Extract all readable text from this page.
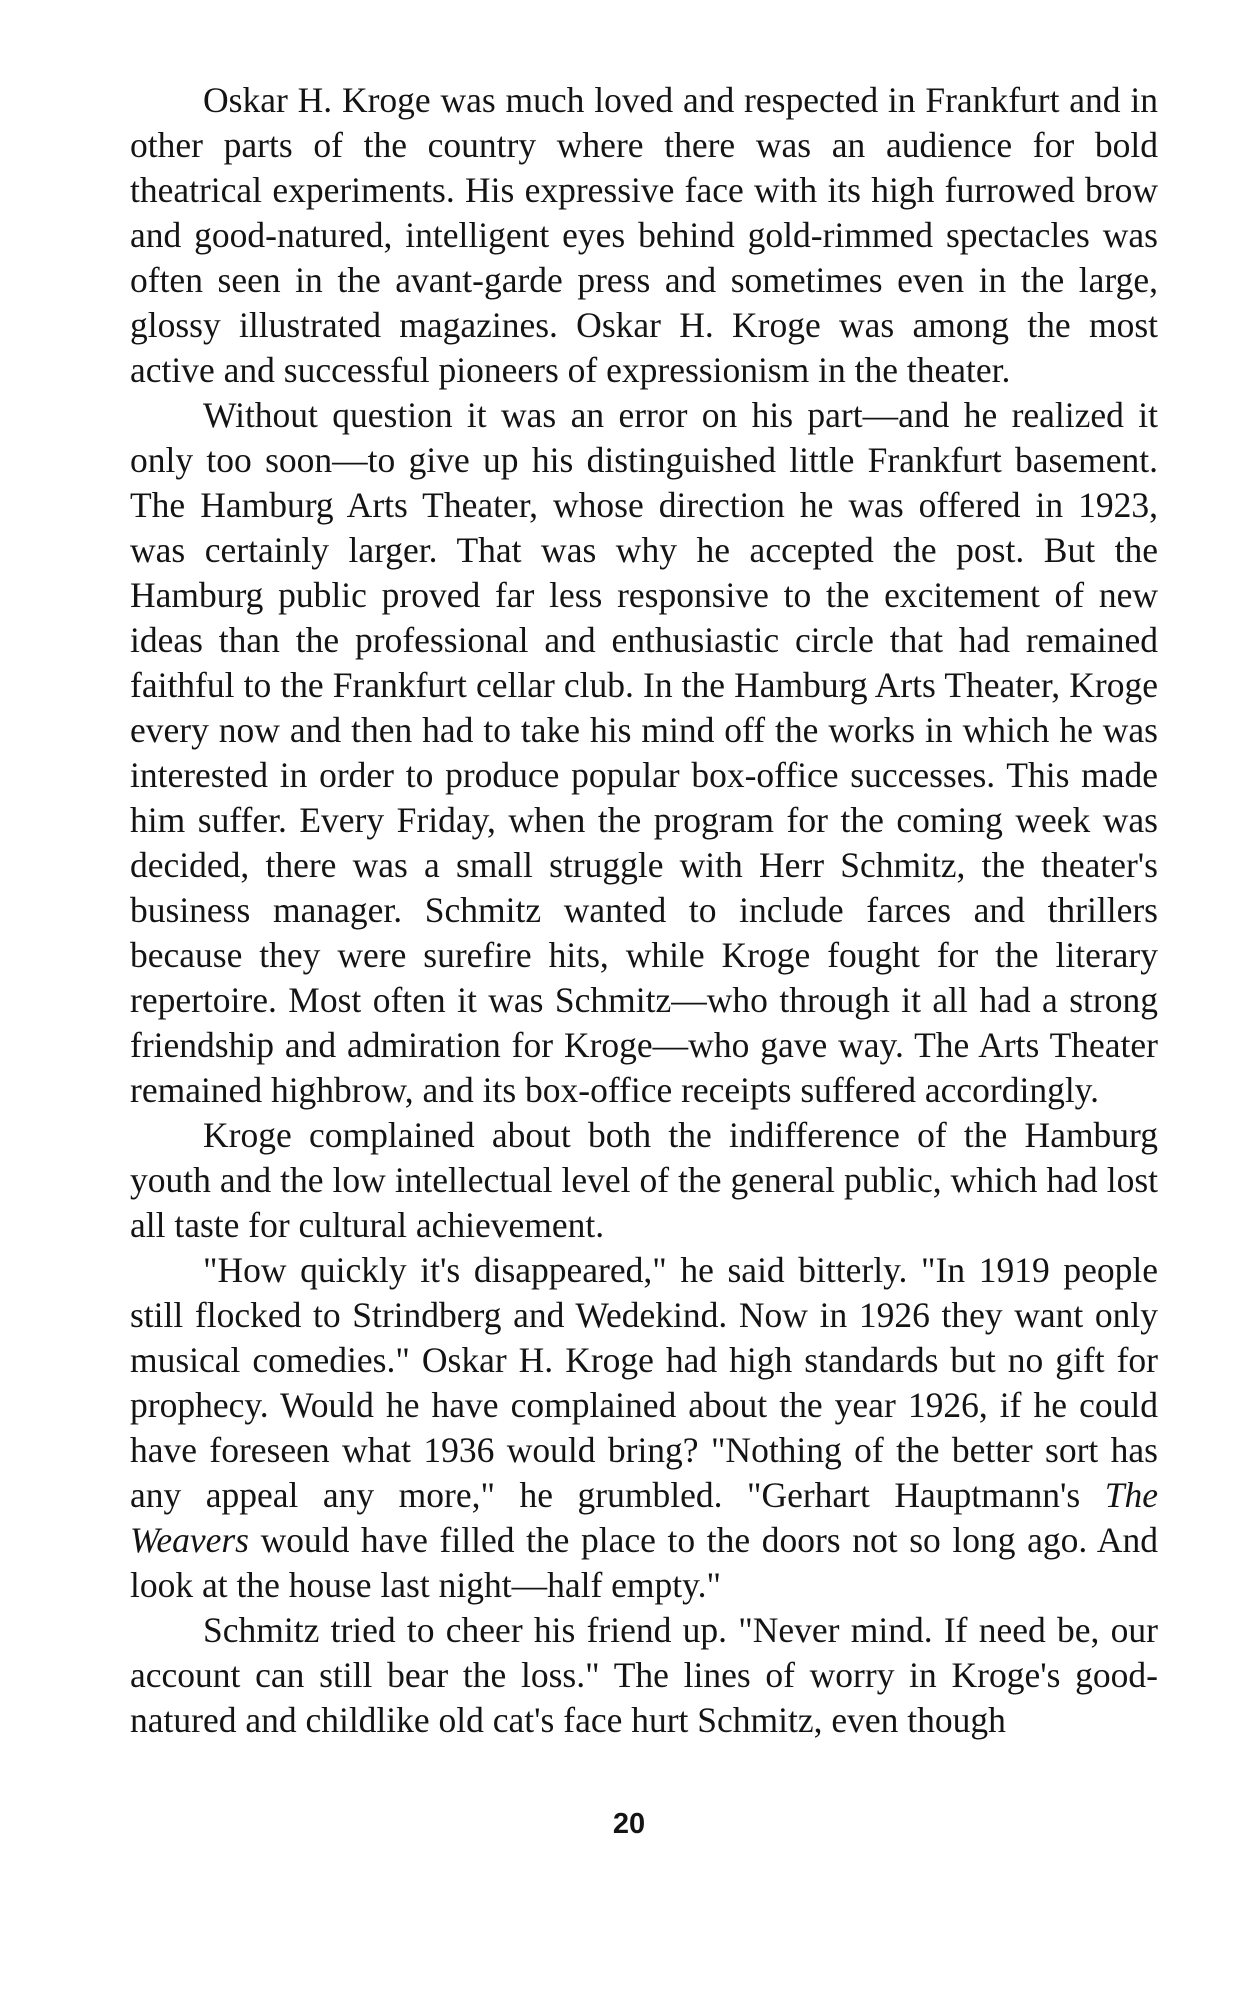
Oskar H. Kroge was much loved and respected in Frankfurt and in other parts of the country where there was an audience for bold theatrical experiments. His expressive face with its high furrowed brow and good-natured, intelligent eyes behind gold-rimmed spectacles was often seen in the avant-garde press and sometimes even in the large, glossy illustrated magazines. Oskar H. Kroge was among the most active and successful pioneers of expressionism in the theater.

Without question it was an error on his part—and he realized it only too soon—to give up his distinguished little Frankfurt basement. The Hamburg Arts Theater, whose direction he was offered in 1923, was certainly larger. That was why he accepted the post. But the Hamburg public proved far less responsive to the excitement of new ideas than the professional and enthusiastic circle that had remained faithful to the Frankfurt cellar club. In the Hamburg Arts Theater, Kroge every now and then had to take his mind off the works in which he was interested in order to produce popular box-office successes. This made him suffer. Every Friday, when the program for the coming week was decided, there was a small struggle with Herr Schmitz, the theater's business manager. Schmitz wanted to include farces and thrillers because they were surefire hits, while Kroge fought for the literary repertoire. Most often it was Schmitz—who through it all had a strong friendship and admiration for Kroge—who gave way. The Arts Theater remained highbrow, and its box-office receipts suffered accordingly.

Kroge complained about both the indifference of the Hamburg youth and the low intellectual level of the general public, which had lost all taste for cultural achievement.

"How quickly it's disappeared," he said bitterly. "In 1919 people still flocked to Strindberg and Wedekind. Now in 1926 they want only musical comedies." Oskar H. Kroge had high standards but no gift for prophecy. Would he have complained about the year 1926, if he could have foreseen what 1936 would bring? "Nothing of the better sort has any appeal any more," he grumbled. "Gerhart Hauptmann's The Weavers would have filled the place to the doors not so long ago. And look at the house last night—half empty."

Schmitz tried to cheer his friend up. "Never mind. If need be, our account can still bear the loss." The lines of worry in Kroge's good-natured and childlike old cat's face hurt Schmitz, even though

20
